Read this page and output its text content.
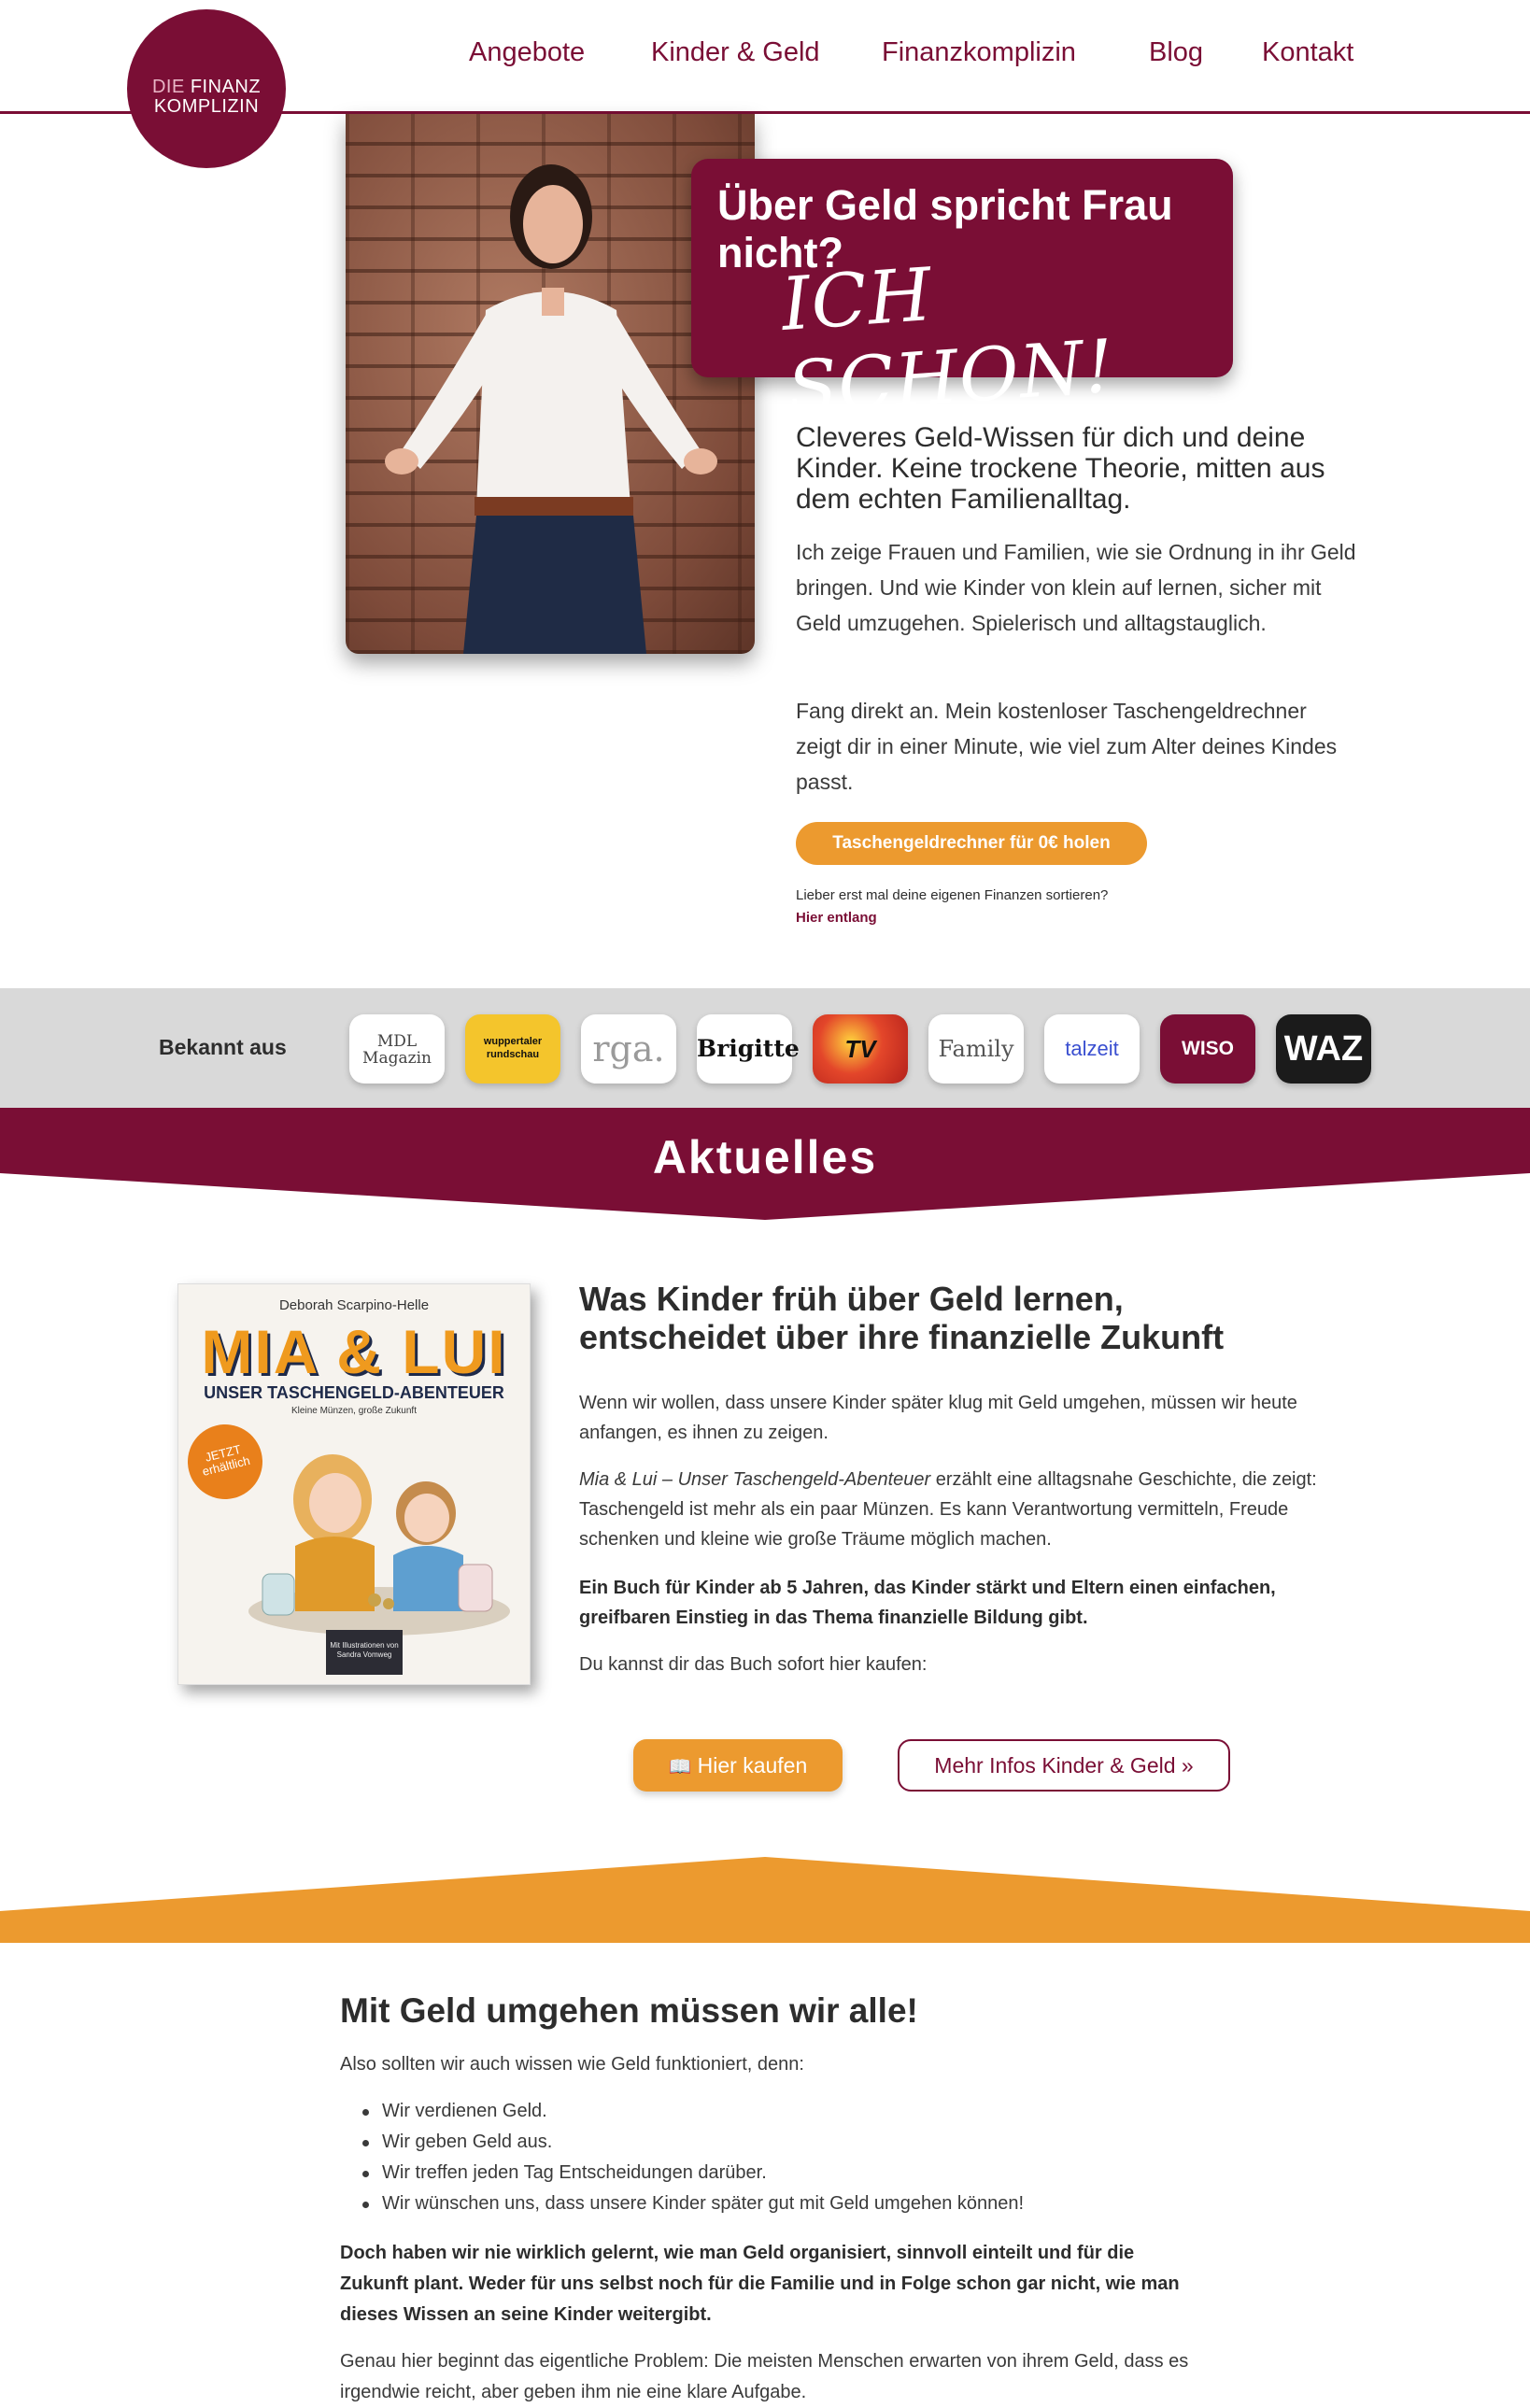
Angebote Kinder & Geld Finanzkomplizin	Blog Kontakt
DIE FINANZ
KOMPLIZIN
Über Geld spricht Frau nicht?
ICH SCHON!
Cleveres Geld-Wissen für dich und deine Kinder. Keine trockene Theorie, mitten aus dem echten Familienalltag.

Ich zeige Frauen und Familien, wie sie Ordnung in ihr Geld bringen. Und wie Kinder von klein auf lernen, sicher mit Geld umzugehen. Spielerisch und alltagstauglich.

Fang direkt an. Mein kostenloser Taschengeldrechner zeigt dir in einer Minute, wie viel zum Alter deines Kindes passt.

Taschengeldrechner für 0€ holen
Lieber erst mal deine eigenen Finanzen sortieren?
Hier entlang
Bekannt aus	MDL Magazin
wuppertaler rundschau	rga.	Brigitte	TV	Family	talzeit	WISO	WAZ
Aktuelles
Deborah Scarpino-Helle
MIA & LUI
UNSER TASCHENGELD-ABENTEUER
Kleine Münzen, große Zukunft
JETZT erhältlich
Mit Illustrationen von Sandra Vomweg
Was Kinder früh über Geld lernen, entscheidet über ihre finanzielle Zukunft

Wenn wir wollen, dass unsere Kinder später klug mit Geld umgehen, müssen wir heute anfangen, es ihnen zu zeigen.

Mia & Lui – Unser Taschengeld-Abenteuer erzählt eine alltagsnahe Geschichte, die zeigt: Taschengeld ist mehr als ein paar Münzen. Es kann Verantwortung vermitteln, Freude schenken und kleine wie große Träume möglich machen.

Ein Buch für Kinder ab 5 Jahren, das Kinder stärkt und Eltern einen einfachen, greifbaren Einstieg in das Thema finanzielle Bildung gibt.

Du kannst dir das Buch sofort hier kaufen:

📖 Hier kaufen	Mehr Infos Kinder & Geld »
Mit Geld umgehen müssen wir alle!

Also sollten wir auch wissen wie Geld funktioniert, denn:

Wir verdienen Geld.
Wir geben Geld aus.
Wir treffen jeden Tag Entscheidungen darüber.
Wir wünschen uns, dass unsere Kinder später gut mit Geld umgehen können!

Doch haben wir nie wirklich gelernt, wie man Geld organisiert, sinnvoll einteilt und für die Zukunft plant. Weder für uns selbst noch für die Familie und in Folge schon gar nicht, wie man dieses Wissen an seine Kinder weitergibt.

Genau hier beginnt das eigentliche Problem: Die meisten Menschen erwarten von ihrem Geld, dass es irgendwie reicht, aber geben ihm nie eine klare Aufgabe.
